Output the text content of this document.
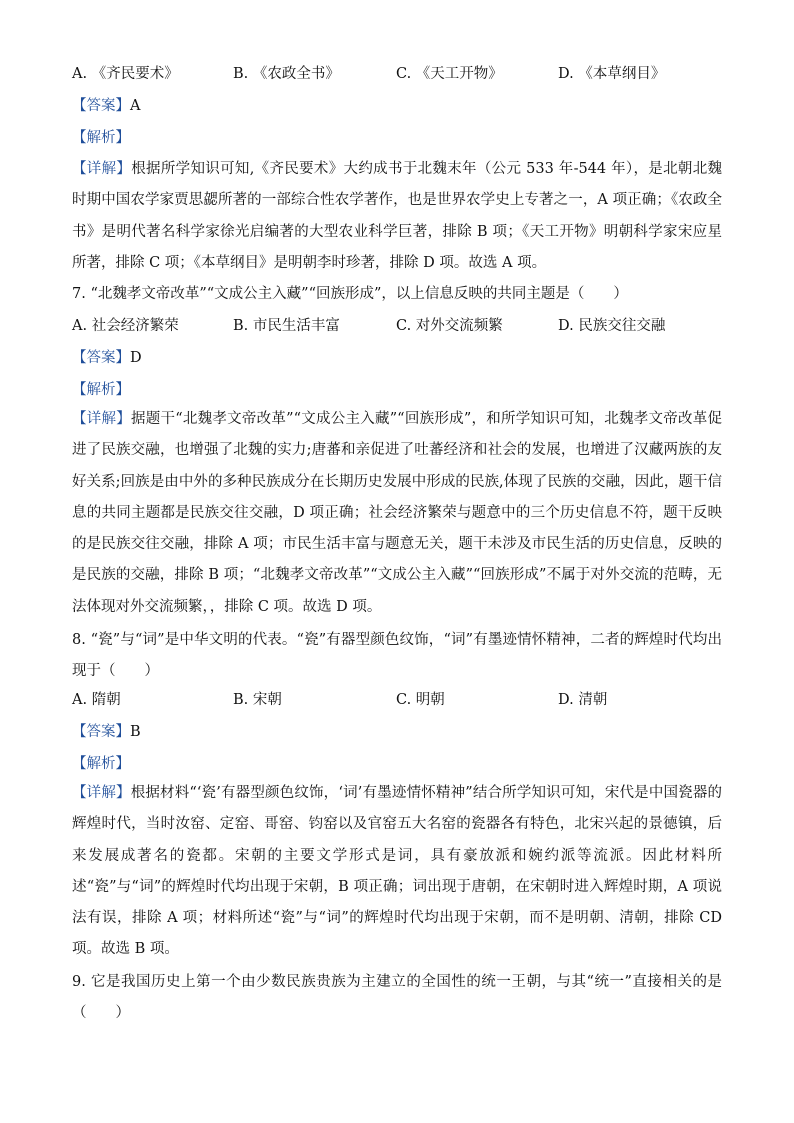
A. 《齐民要术》	B. 《农政全书》	C. 《天工开物》	D. 《本草纲目》
【答案】A
【解析】
【详解】根据所学知识可知,《齐民要术》大约成书于北魏末年（公元 533 年-544 年），是北朝北魏时期中国农学家贾思勰所著的一部综合性农学著作，也是世界农学史上专著之一，A 项正确；《农政全书》是明代著名科学家徐光启编著的大型农业科学巨著，排除 B 项；《天工开物》明朝科学家宋应星所著，排除 C 项；《本草纲目》是明朝李时珍著，排除 D 项。故选 A 项。
7. “北魏孝文帝改革”“文成公主入藏”“回族形成”，以上信息反映的共同主题是（　　）
A. 社会经济繁荣	B. 市民生活丰富	C. 对外交流频繁	D. 民族交往交融
【答案】D
【解析】
【详解】据题干“北魏孝文帝改革”“文成公主入藏”“回族形成”，和所学知识可知，北魏孝文帝改革促进了民族交融，也增强了北魏的实力;唐蕃和亲促进了吐蕃经济和社会的发展，也增进了汉藏两族的友好关系;回族是由中外的多种民族成分在长期历史发展中形成的民族,体现了民族的交融，因此，题干信息的共同主题都是民族交往交融，D 项正确；社会经济繁荣与题意中的三个历史信息不符，题干反映的是民族交往交融，排除 A 项；市民生活丰富与题意无关，题干未涉及市民生活的历史信息，反映的是民族的交融，排除 B 项；“北魏孝文帝改革”“文成公主入藏”“回族形成”不属于对外交流的范畴，无法体现对外交流频繁，，排除 C 项。故选 D 项。
8. “瓷”与“词”是中华文明的代表。“瓷”有器型颜色纹饰，“词”有墨迹情怀精神，二者的辉煌时代均出现于（　　）
A. 隋朝	B. 宋朝	C. 明朝	D. 清朝
【答案】B
【解析】
【详解】根据材料“‘瓷’有器型颜色纹饰，‘词’有墨迹情怀精神”结合所学知识可知，宋代是中国瓷器的辉煌时代，当时汝窑、定窑、哥窑、钧窑以及官窑五大名窑的瓷器各有特色，北宋兴起的景德镇，后来发展成著名的瓷都。宋朝的主要文学形式是词，具有豪放派和婉约派等流派。因此材料所述“瓷”与“词”的辉煌时代均出现于宋朝，B 项正确；词出现于唐朝，在宋朝时进入辉煌时期，A 项说法有误，排除 A 项；材料所述“瓷”与“词”的辉煌时代均出现于宋朝，而不是明朝、清朝，排除 CD 项。故选 B 项。
9. 它是我国历史上第一个由少数民族贵族为主建立的全国性的统一王朝，与其“统一”直接相关的是（　　）
